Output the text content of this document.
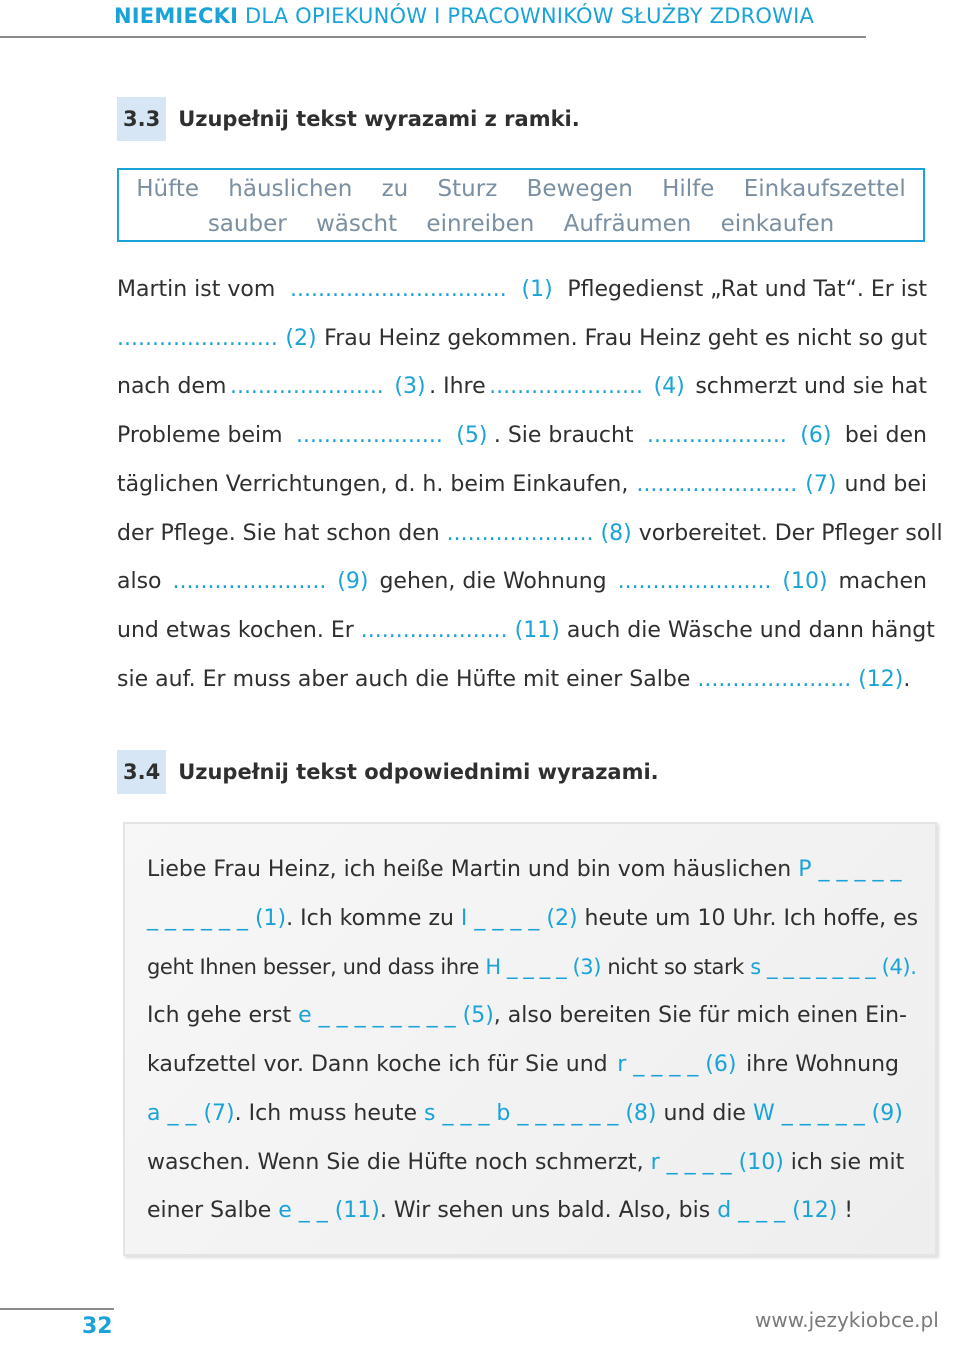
NIEMIECKI DLA OPIEKUNÓW I PRACOWNIKÓW SŁUŻBY ZDROWIA
3.3 Uzupełnij tekst wyrazami z ramki.
Hüfte häuslichen zu Sturz Bewegen Hilfe Einkaufszettel
sauber wäscht einreiben Aufräumen einkaufen
Martin ist vom ............................... (1) Pflegedienst „Rat und Tat“. Er ist
....................... (2) Frau Heinz gekommen. Frau Heinz geht es nicht so gut
nach dem ...................... (3) . Ihre ...................... (4) schmerzt und sie hat
Probleme beim ..................... (5) . Sie braucht .................... (6) bei den
täglichen Verrichtungen, d. h. beim Einkaufen, ....................... (7) und bei
der Pflege. Sie hat schon den ..................... (8) vorbereitet. Der Pfleger soll
also ...................... (9) gehen, die Wohnung ...................... (10) machen
und etwas kochen. Er ..................... (11) auch die Wäsche und dann hängt
sie auf. Er muss aber auch die Hüfte mit einer Salbe ...................... (12) .
3.4 Uzupełnij tekst odpowiednimi wyrazami.
Liebe Frau Heinz, ich heiße Martin und bin vom häuslichen P _ _ _ _ _
_ _ _ _ _ _ (1) . Ich komme zu I _ _ _ _ (2) heute um 10 Uhr. Ich hoffe, es
geht Ihnen besser, und dass ihre H _ _ _ _ (3) nicht so stark s _ _ _ _ _ _ _ (4).
Ich gehe erst e _ _ _ _ _ _ _ _ (5) , also bereiten Sie für mich einen Ein-
kaufzettel vor. Dann koche ich für Sie und r _ _ _ _ (6) ihre Wohnung
a _ _ (7) . Ich muss heute s _ _ _ b _ _ _ _ _ _ (8) und die W _ _ _ _ _ (9)
waschen. Wenn Sie die Hüfte noch schmerzt, r _ _ _ _ (10) ich sie mit
einer Salbe e _ _ (11) . Wir sehen uns bald. Also, bis d _ _ _ (12) !
32	www.jezykiobce.pl
